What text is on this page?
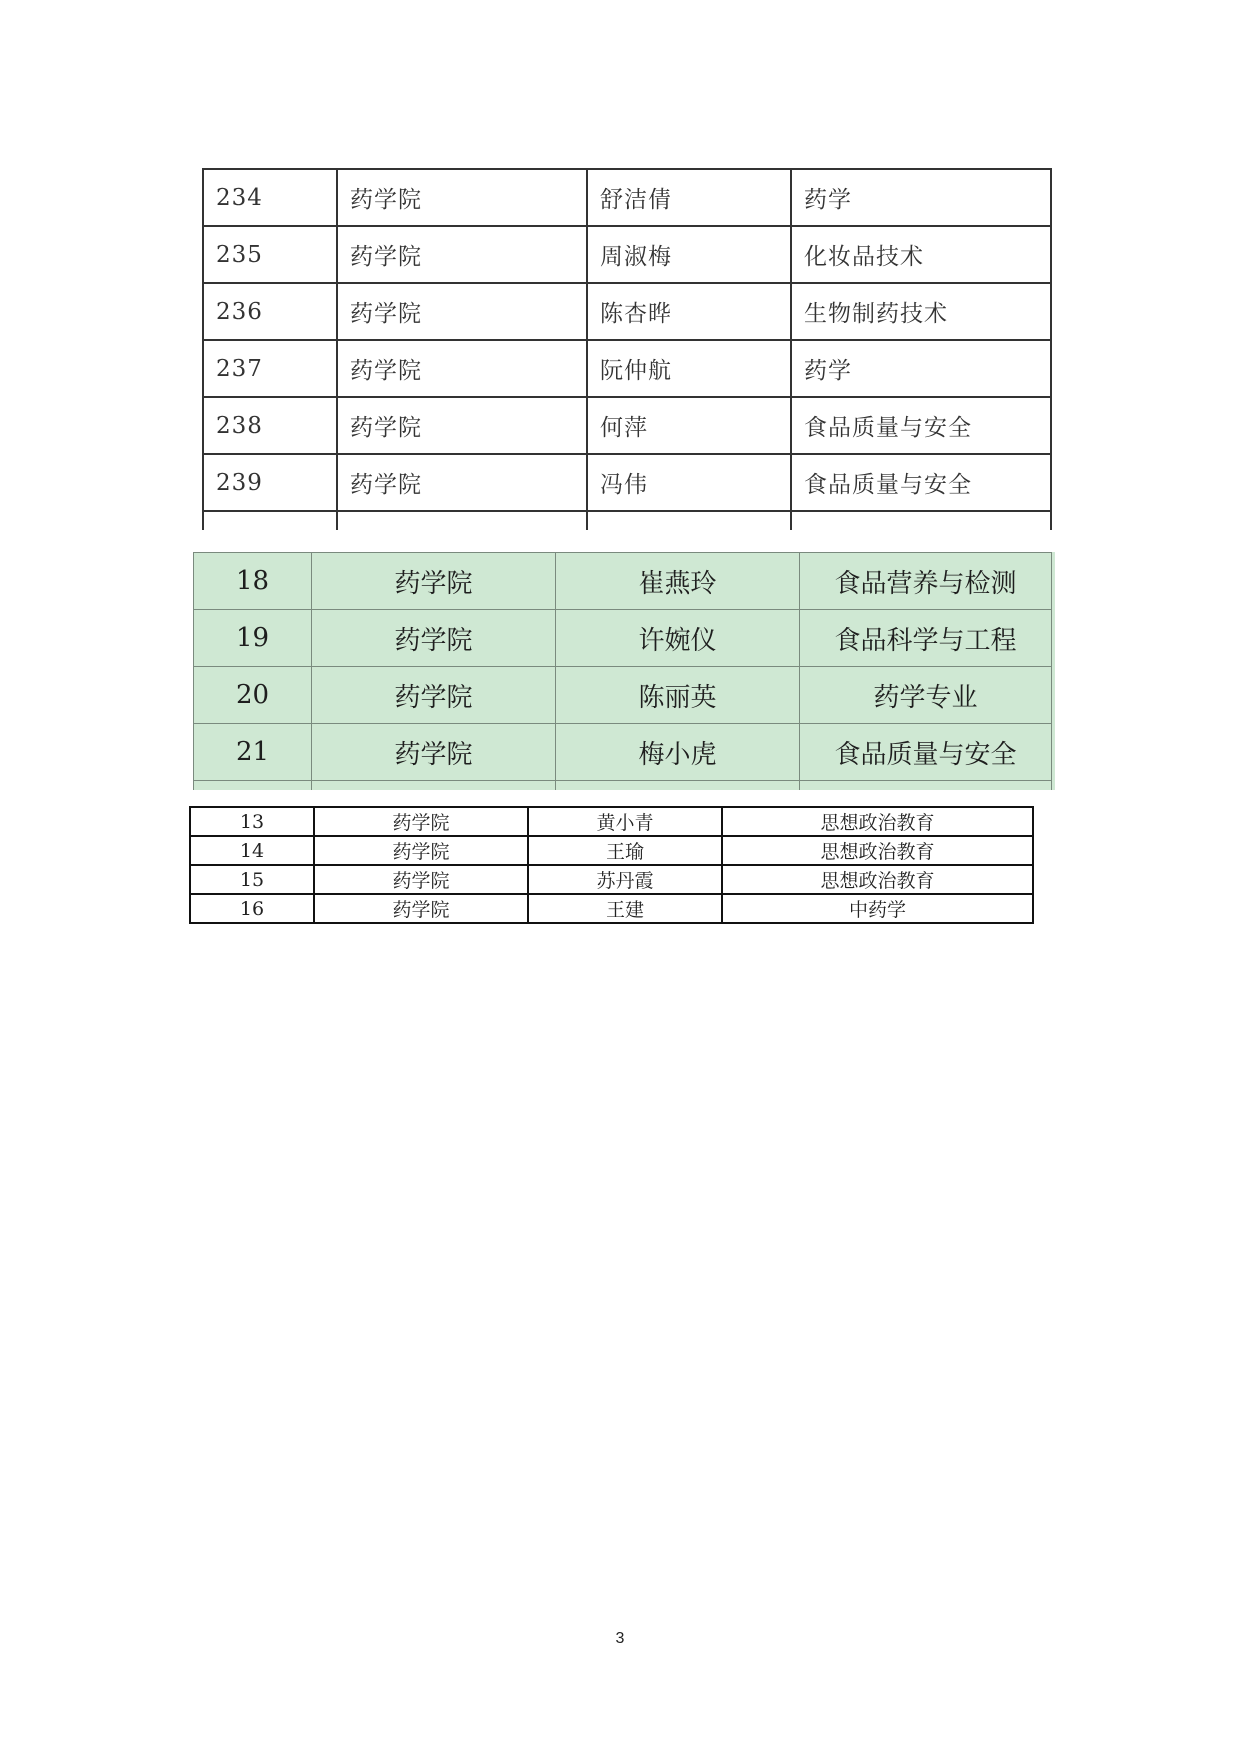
234	药学院	舒洁倩	药学
235	药学院	周淑梅	化妆品技术
236	药学院	陈杏晔	生物制药技术
237	药学院	阮仲航	药学
238	药学院	何萍	食品质量与安全
239	药学院	冯伟	食品质量与安全

18	药学院	崔燕玲	食品营养与检测
19	药学院	许婉仪	食品科学与工程
20	药学院	陈丽英	药学专业
21	药学院	梅小虎	食品质量与安全

13	药学院	黄小青	思想政治教育
14	药学院	王瑜	思想政治教育
15	药学院	苏丹霞	思想政治教育
16	药学院	王建	中药学
3
